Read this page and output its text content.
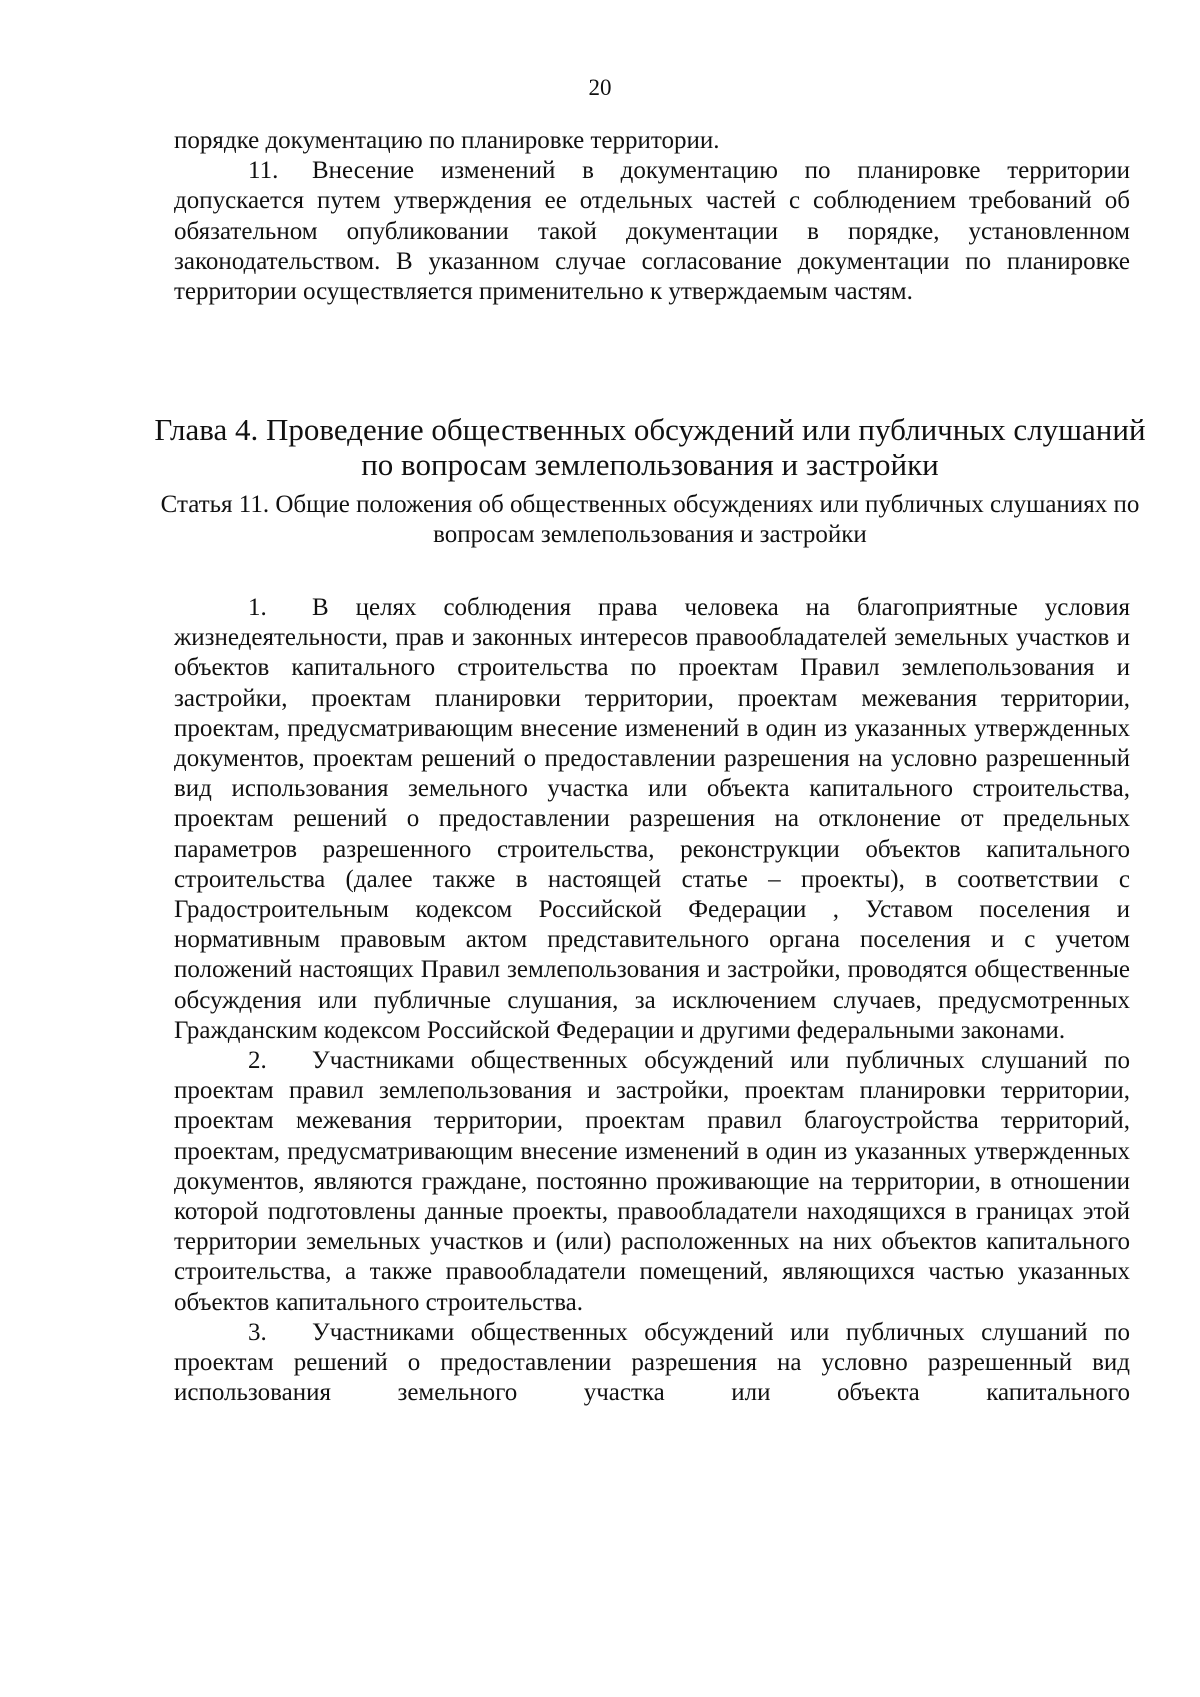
20

порядке документацию по планировке территории.

11. Внесение изменений в документацию по планировке территории допускается путем утверждения ее отдельных частей с соблюдением требований об обязательном опубликовании такой документации в порядке, установленном законодательством. В указанном случае согласование документации по планировке территории осуществляется применительно к утверждаемым частям.

Глава 4. Проведение общественных обсуждений или публичных слушаний по вопросам землепользования и застройки
Статья 11. Общие положения об общественных обсуждениях или публичных слушаниях по вопросам землепользования и застройки

1. В целях соблюдения права человека на благоприятные условия жизнедеятельности, прав и законных интересов правообладателей земельных участков и объектов капитального строительства по проектам Правил землепользования и застройки, проектам планировки территории, проектам межевания территории, проектам, предусматривающим внесение изменений в один из указанных утвержденных документов, проектам решений о предоставлении разрешения на условно разрешенный вид использования земельного участка или объекта капитального строительства, проектам решений о предоставлении разрешения на отклонение от предельных параметров разрешенного строительства, реконструкции объектов капитального строительства (далее также в настоящей статье – проекты), в соответствии с Градостроительным кодексом Российской Федерации , Уставом поселения и нормативным правовым актом представительного органа поселения и с учетом положений настоящих Правил землепользования и застройки, проводятся общественные обсуждения или публичные слушания, за исключением случаев, предусмотренных Гражданским кодексом Российской Федерации и другими федеральными законами.

2. Участниками общественных обсуждений или публичных слушаний по проектам правил землепользования и застройки, проектам планировки территории, проектам межевания территории, проектам правил благоустройства территорий, проектам, предусматривающим внесение изменений в один из указанных утвержденных документов, являются граждане, постоянно проживающие на территории, в отношении которой подготовлены данные проекты, правообладатели находящихся в границах этой территории земельных участков и (или) расположенных на них объектов капитального строительства, а также правообладатели помещений, являющихся частью указанных объектов капитального строительства.

3. Участниками общественных обсуждений или публичных слушаний по проектам решений о предоставлении разрешения на условно разрешенный вид использования земельного участка или объекта капитального
